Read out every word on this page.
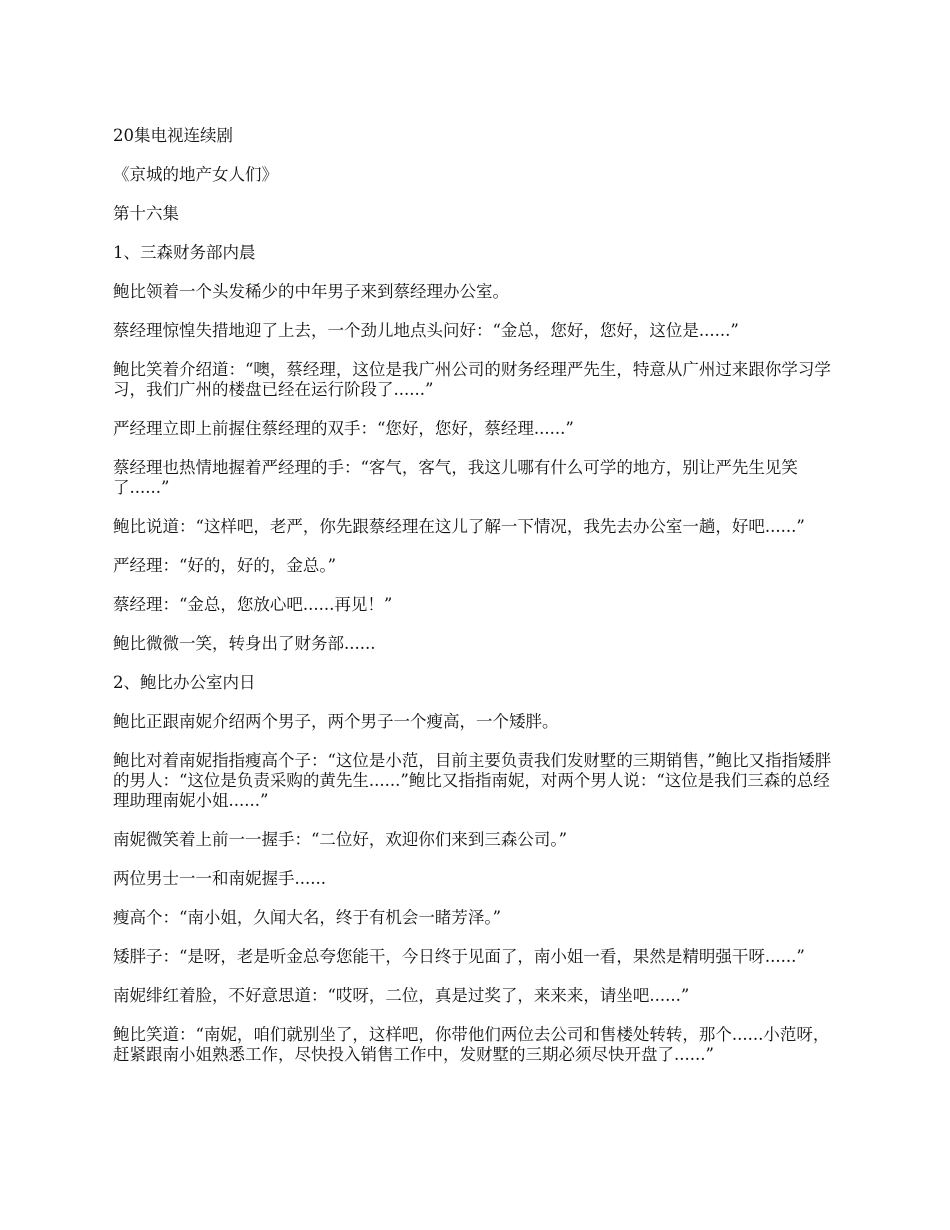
20集电视连续剧

《京城的地产女人们》

第十六集

1、三森财务部内晨

鲍比领着一个头发稀少的中年男子来到蔡经理办公室。

蔡经理惊惶失措地迎了上去，一个劲儿地点头问好：“金总，您好，您好，这位是......”

鲍比笑着介绍道：“噢，蔡经理，这位是我广州公司的财务经理严先生，特意从广州过来跟你学习学习，我们广州的楼盘已经在运行阶段了......”

严经理立即上前握住蔡经理的双手：“您好，您好，蔡经理......”

蔡经理也热情地握着严经理的手：“客气，客气，我这儿哪有什么可学的地方，别让严先生见笑了......”

鲍比说道：“这样吧，老严，你先跟蔡经理在这儿了解一下情况，我先去办公室一趟，好吧......”

严经理：“好的，好的，金总。”

蔡经理：“金总，您放心吧......再见！”

鲍比微微一笑，转身出了财务部......

2、鲍比办公室内日

鲍比正跟南妮介绍两个男子，两个男子一个瘦高，一个矮胖。

鲍比对着南妮指指瘦高个子：“这位是小范，目前主要负责我们发财墅的三期销售，”鲍比又指指矮胖的男人：“这位是负责采购的黄先生......”鲍比又指指南妮，对两个男人说：“这位是我们三森的总经理助理南妮小姐......”

南妮微笑着上前一一握手：“二位好，欢迎你们来到三森公司。”

两位男士一一和南妮握手......

瘦高个：“南小姐，久闻大名，终于有机会一睹芳泽。”

矮胖子：“是呀，老是听金总夸您能干，今日终于见面了，南小姐一看，果然是精明强干呀......”

南妮绯红着脸，不好意思道：“哎呀，二位，真是过奖了，来来来，请坐吧......”

鲍比笑道：“南妮，咱们就别坐了，这样吧，你带他们两位去公司和售楼处转转，那个......小范呀，赶紧跟南小姐熟悉工作，尽快投入销售工作中，发财墅的三期必须尽快开盘了......”
